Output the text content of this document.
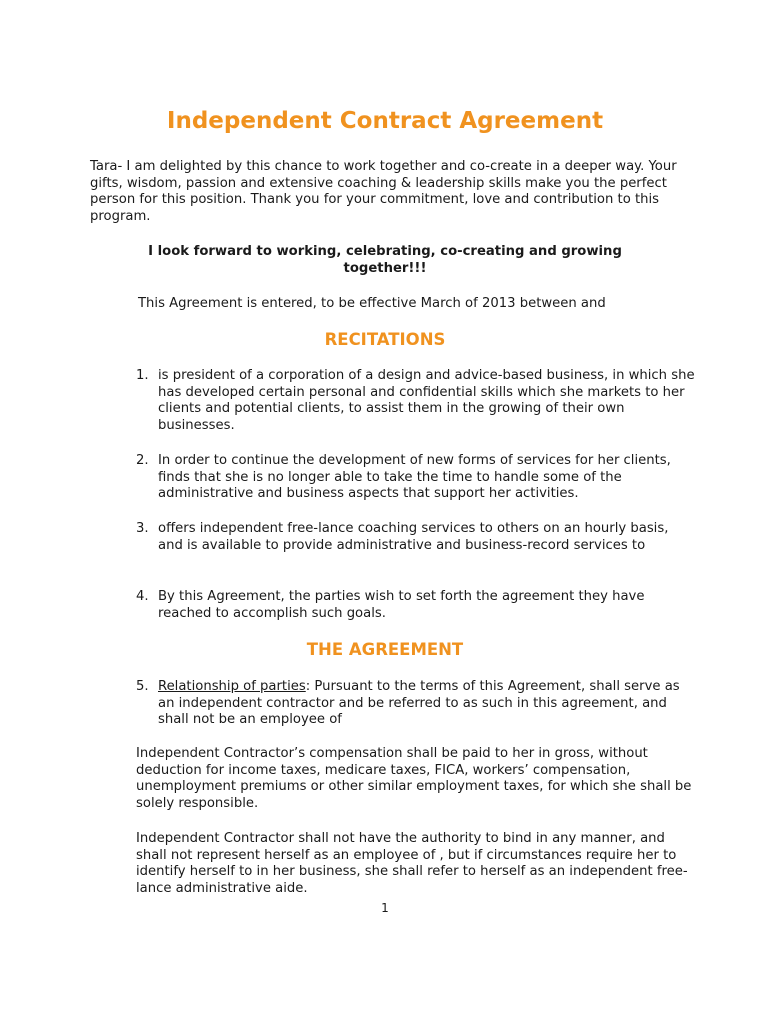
Independent Contract Agreement

Tara- I am delighted by this chance to work together and co-create in a deeper way. Your gifts, wisdom, passion and extensive coaching & leadership skills make you the perfect person for this position. Thank you for your commitment, love and contribution to this program.

I look forward to working, celebrating, co-creating and growing together!!!

This Agreement is entered, to be effective March of 2013 between and

RECITATIONS
1. is president of a corporation of a design and advice-based business, in which she has developed certain personal and confidential skills which she markets to her clients and potential clients, to assist them in the growing of their own businesses.
2. In order to continue the development of new forms of services for her clients, finds that she is no longer able to take the time to handle some of the administrative and business aspects that support her activities.
3. offers independent free-lance coaching services to others on an hourly basis, and is available to provide administrative and business-record services to
4. By this Agreement, the parties wish to set forth the agreement they have reached to accomplish such goals.
THE AGREEMENT
5. Relationship of parties: Pursuant to the terms of this Agreement, shall serve as an independent contractor and be referred to as such in this agreement, and shall not be an employee of

Independent Contractor’s compensation shall be paid to her in gross, without deduction for income taxes, medicare taxes, FICA, workers’ compensation, unemployment premiums or other similar employment taxes, for which she shall be solely responsible.

Independent Contractor shall not have the authority to bind in any manner, and shall not represent herself as an employee of , but if circumstances require her to identify herself to in her business, she shall refer to herself as an independent free-lance administrative aide.

1
